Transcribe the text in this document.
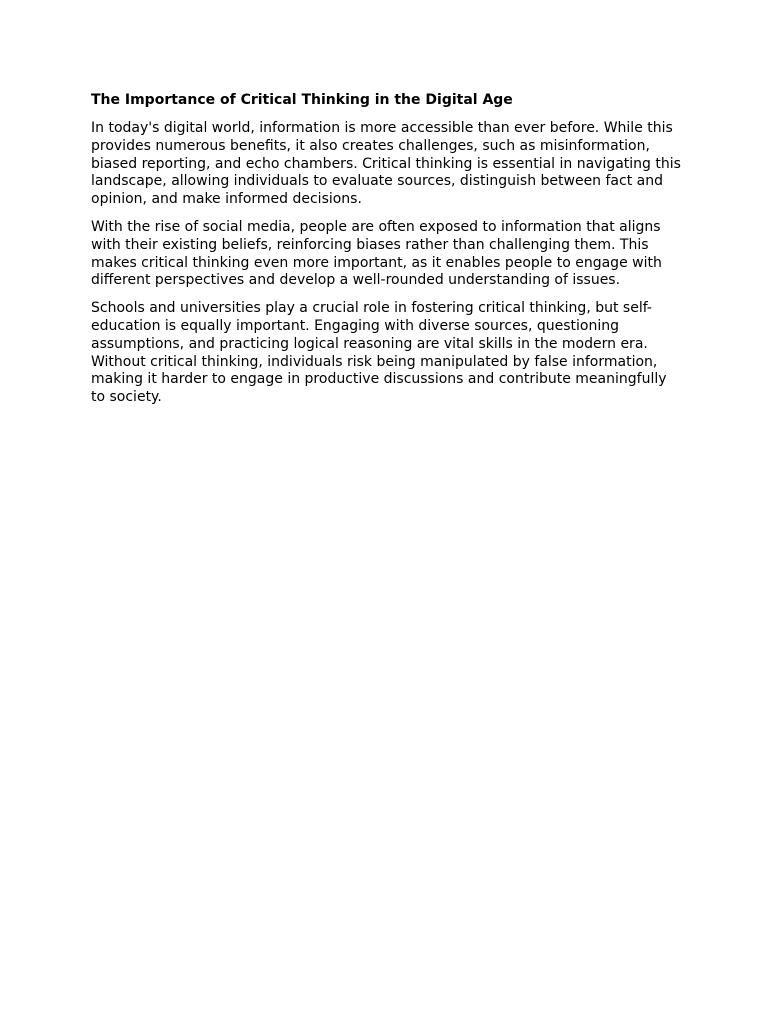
The Importance of Critical Thinking in the Digital Age

In today's digital world, information is more accessible than ever before. While this provides numerous benefits, it also creates challenges, such as misinformation, biased reporting, and echo chambers. Critical thinking is essential in navigating this landscape, allowing individuals to evaluate sources, distinguish between fact and opinion, and make informed decisions.

With the rise of social media, people are often exposed to information that aligns with their existing beliefs, reinforcing biases rather than challenging them. This makes critical thinking even more important, as it enables people to engage with different perspectives and develop a well-rounded understanding of issues.

Schools and universities play a crucial role in fostering critical thinking, but self-education is equally important. Engaging with diverse sources, questioning assumptions, and practicing logical reasoning are vital skills in the modern era. Without critical thinking, individuals risk being manipulated by false information, making it harder to engage in productive discussions and contribute meaningfully to society.
